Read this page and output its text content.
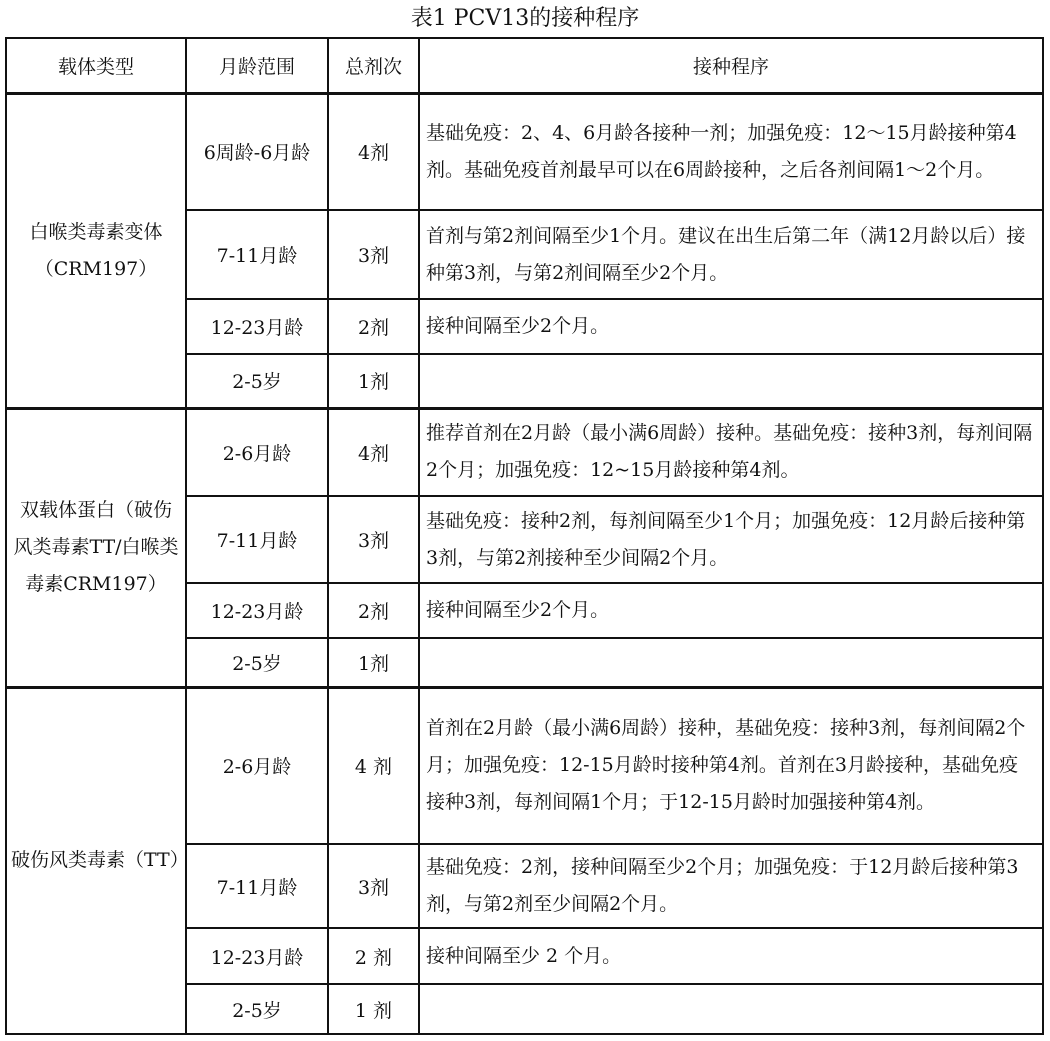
表1 PCV13的接种程序
载体类型	月龄范围	总剂次	接种程序
白喉类毒素变体（CRM197）	6周龄-6月龄	4剂	基础免疫：2、4、6月龄各接种一剂；加强免疫：12～15月龄接种第4剂。基础免疫首剂最早可以在6周龄接种，之后各剂间隔1～2个月。
	7-11月龄	3剂	首剂与第2剂间隔至少1个月。建议在出生后第二年（满12月龄以后）接种第3剂，与第2剂间隔至少2个月。
	12-23月龄	2剂	接种间隔至少2个月。
	2-5岁	1剂	
双载体蛋白（破伤风类毒素TT/白喉类毒素CRM197）	2-6月龄	4剂	推荐首剂在2月龄（最小满6周龄）接种。基础免疫：接种3剂，每剂间隔2个月；加强免疫：12~15月龄接种第4剂。
	7-11月龄	3剂	基础免疫：接种2剂，每剂间隔至少1个月；加强免疫：12月龄后接种第3剂，与第2剂接种至少间隔2个月。
	12-23月龄	2剂	接种间隔至少2个月。
	2-5岁	1剂	
破伤风类毒素（TT）	2-6月龄	4 剂	首剂在2月龄（最小满6周龄）接种，基础免疫：接种3剂，每剂间隔2个月；加强免疫：12-15月龄时接种第4剂。首剂在3月龄接种，基础免疫接种3剂，每剂间隔1个月；于12-15月龄时加强接种第4剂。
	7-11月龄	3剂	基础免疫：2剂，接种间隔至少2个月；加强免疫：于12月龄后接种第3剂，与第2剂至少间隔2个月。
	12-23月龄	2 剂	接种间隔至少 2 个月。
	2-5岁	1 剂	
